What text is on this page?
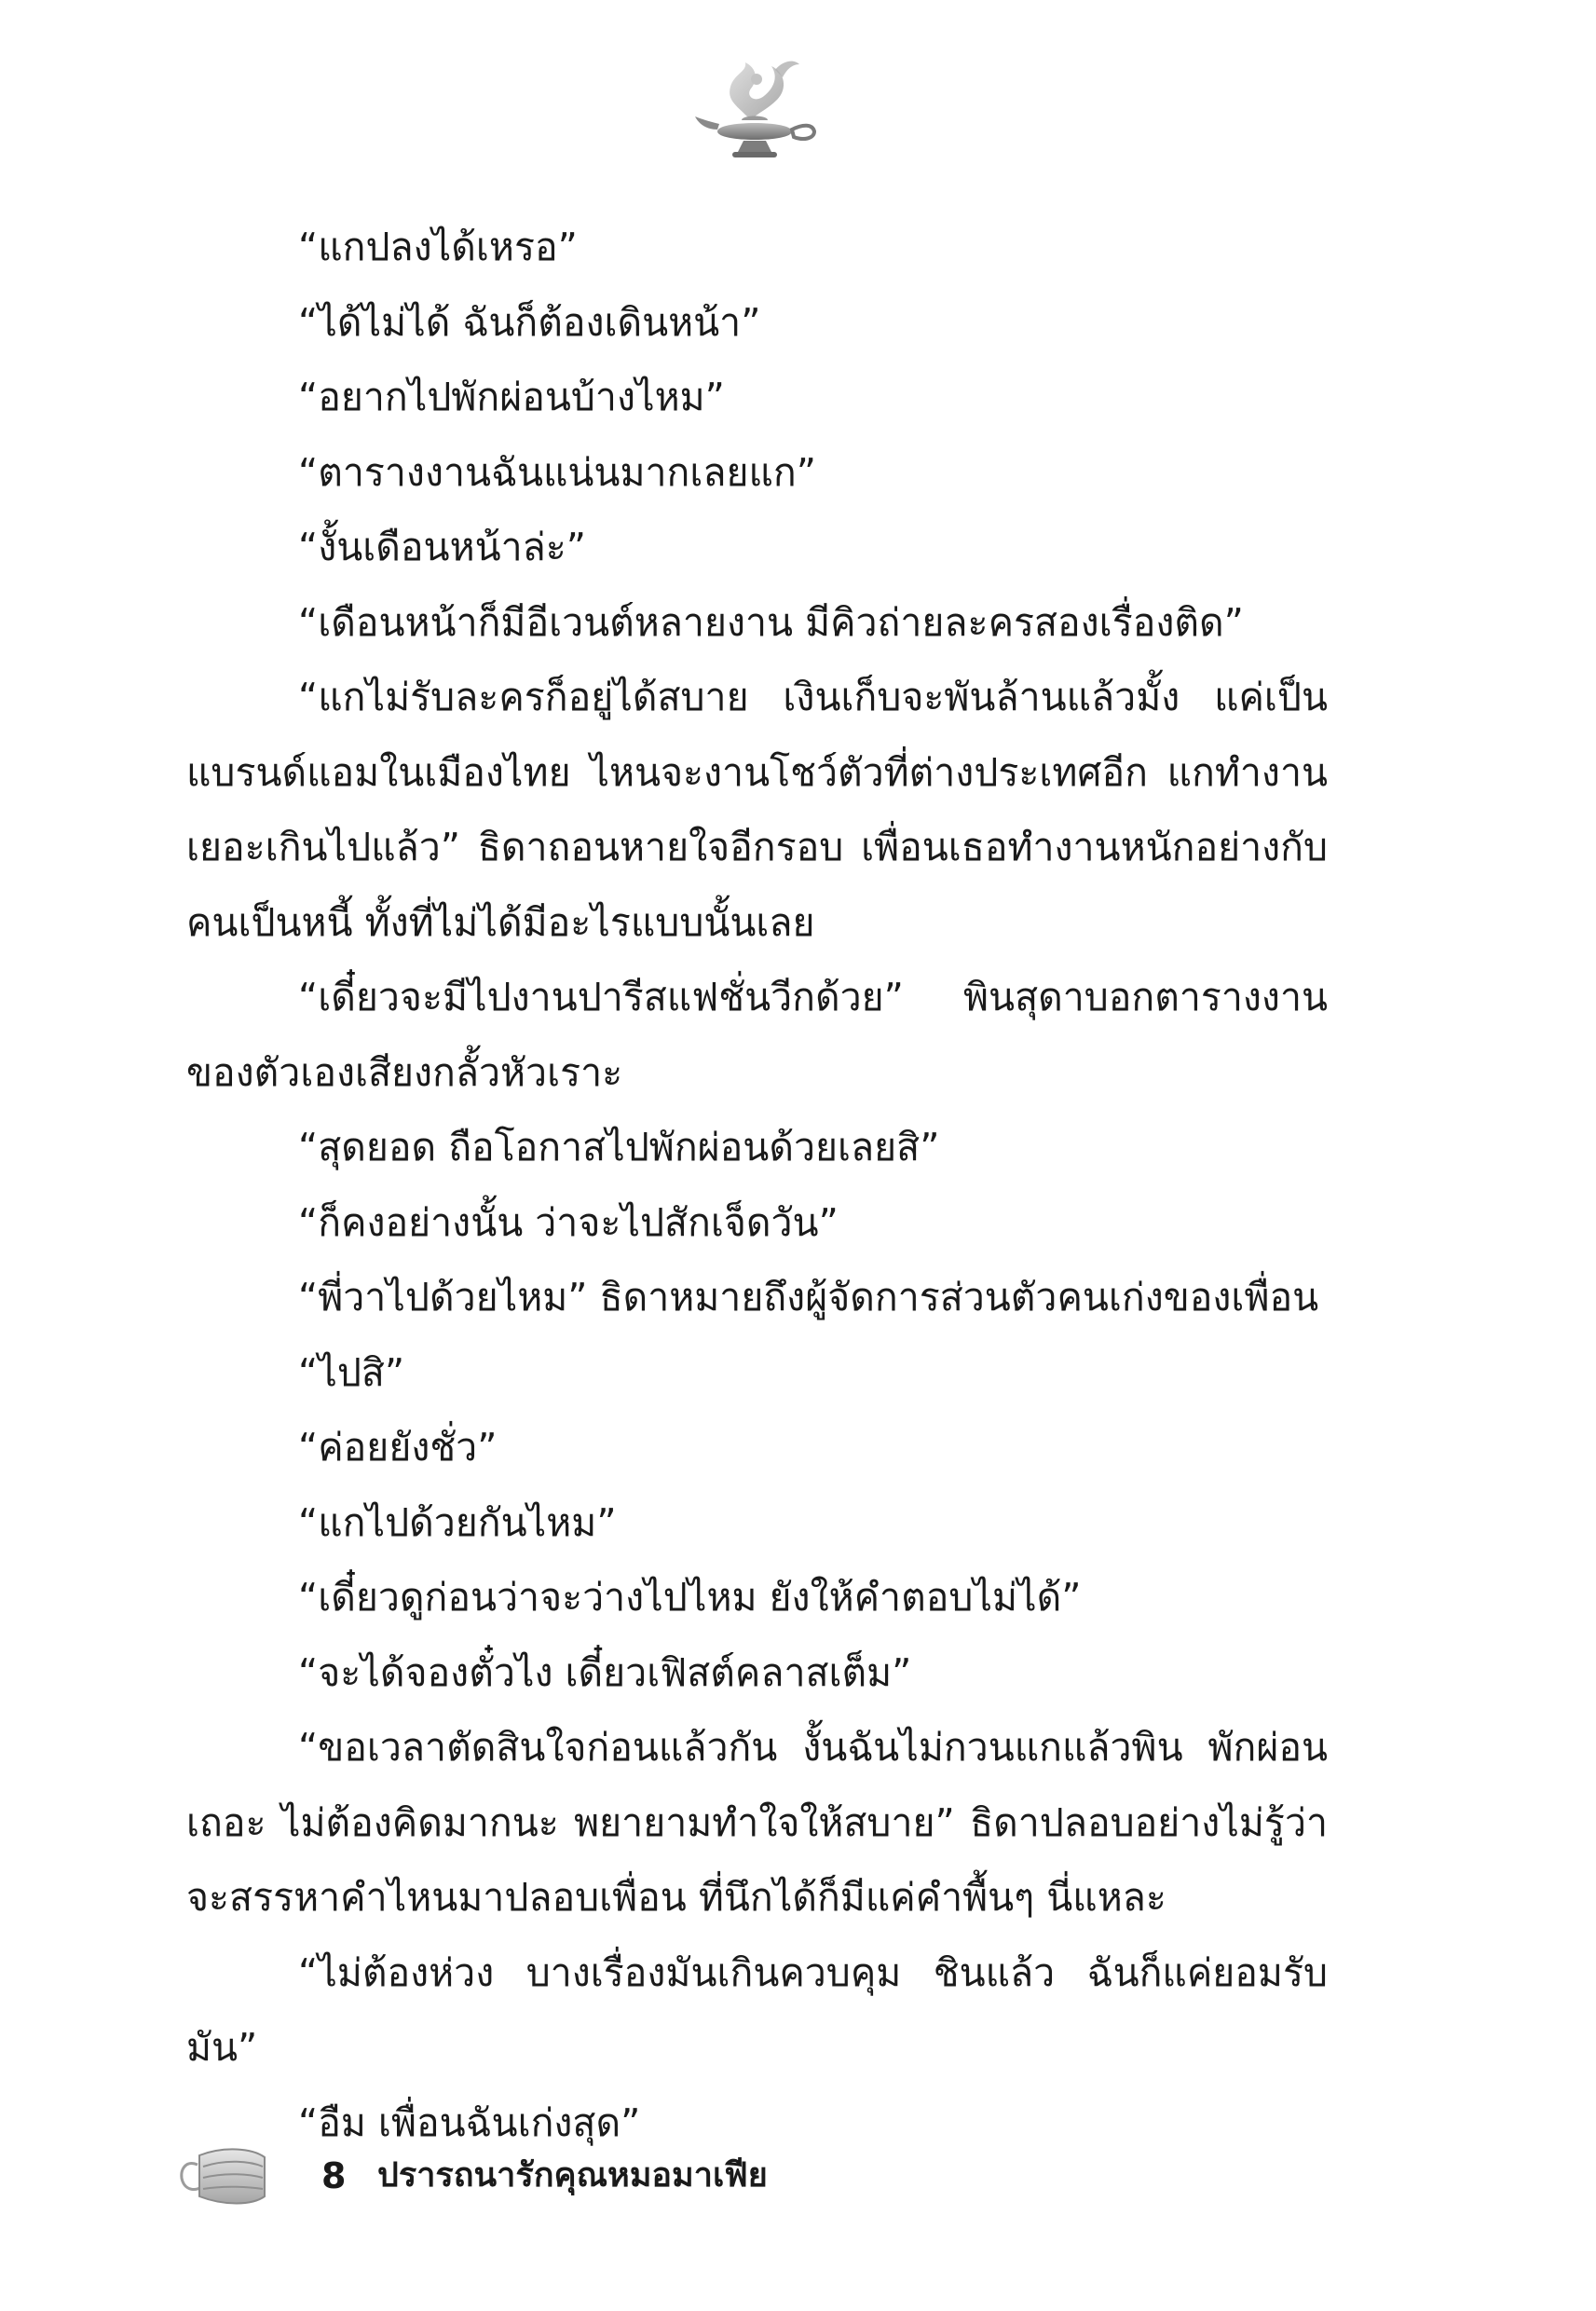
“แกปลงได้เหรอ”

“ได้ไม่ได้ ฉันก็ต้องเดินหน้า”

“อยากไปพักผ่อนบ้างไหม”

“ตารางงานฉันแน่นมากเลยแก”

“งั้นเดือนหน้าล่ะ”

“เดือนหน้าก็มีอีเวนต์หลายงาน มีคิวถ่ายละครสองเรื่องติด”

“แกไม่รับละครก็อยู่ได้สบาย เงินเก็บจะพันล้านแล้วมั้ง แค่เป็นแบรนด์แอมในเมืองไทย ไหนจะงานโชว์ตัวที่ต่างประเทศอีก แกทำงานเยอะเกินไปแล้ว” ธิดาถอนหายใจอีกรอบ เพื่อนเธอทำงานหนักอย่างกับคนเป็นหนี้ ทั้งที่ไม่ได้มีอะไรแบบนั้นเลย

“เดี๋ยวจะมีไปงานปารีสแฟชั่นวีกด้วย” พินสุดาบอกตารางงานของตัวเองเสียงกลั้วหัวเราะ

“สุดยอด ถือโอกาสไปพักผ่อนด้วยเลยสิ”

“ก็คงอย่างนั้น ว่าจะไปสักเจ็ดวัน”

“พี่วาไปด้วยไหม” ธิดาหมายถึงผู้จัดการส่วนตัวคนเก่งของเพื่อน

“ไปสิ”

“ค่อยยังชั่ว”

“แกไปด้วยกันไหม”

“เดี๋ยวดูก่อนว่าจะว่างไปไหม ยังให้คำตอบไม่ได้”

“จะได้จองตั๋วไง เดี๋ยวเฟิสต์คลาสเต็ม”

“ขอเวลาตัดสินใจก่อนแล้วกัน งั้นฉันไม่กวนแกแล้วพิน พักผ่อนเถอะ ไม่ต้องคิดมากนะ พยายามทำใจให้สบาย” ธิดาปลอบอย่างไม่รู้ว่าจะสรรหาคำไหนมาปลอบเพื่อน ที่นึกได้ก็มีแค่คำพื้นๆ นี่แหละ

“ไม่ต้องห่วง บางเรื่องมันเกินควบคุม ชินแล้ว ฉันก็แค่ยอมรับมัน”

“อืม เพื่อนฉันเก่งสุด”

8 ปรารถนารักคุณหมอมาเฟีย
